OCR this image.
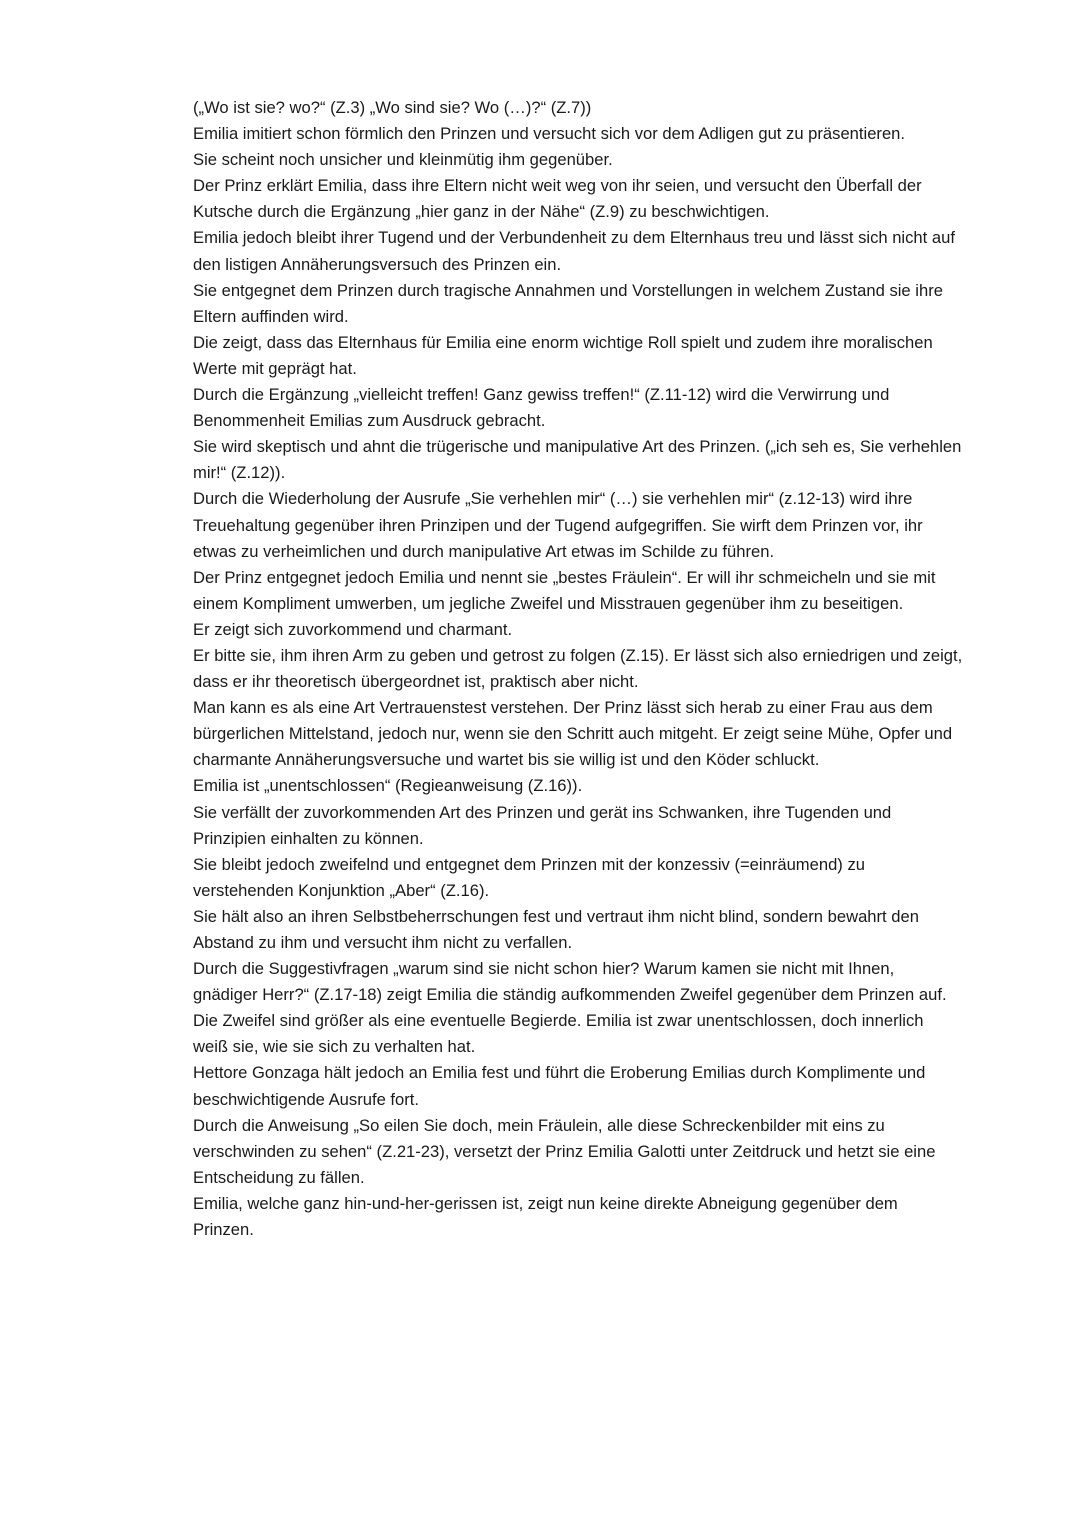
(„Wo ist sie? wo?“ (Z.3) „Wo sind sie? Wo (…)?“ (Z.7))

Emilia imitiert schon förmlich den Prinzen und versucht sich vor dem Adligen gut zu präsentieren.

Sie scheint noch unsicher und kleinmütig ihm gegenüber.

Der Prinz erklärt Emilia, dass ihre Eltern nicht weit weg von ihr seien, und versucht den Überfall der Kutsche durch die Ergänzung „hier ganz in der Nähe“ (Z.9) zu beschwichtigen.

Emilia jedoch bleibt ihrer Tugend und der Verbundenheit zu dem Elternhaus treu und lässt sich nicht auf den listigen Annäherungsversuch des Prinzen ein.

Sie entgegnet dem Prinzen durch tragische Annahmen und Vorstellungen in welchem Zustand sie ihre Eltern auffinden wird.

Die zeigt, dass das Elternhaus für Emilia eine enorm wichtige Roll spielt und zudem ihre moralischen Werte mit geprägt hat.

Durch die Ergänzung „vielleicht treffen! Ganz gewiss treffen!“ (Z.11-12) wird die Verwirrung und Benommenheit Emilias zum Ausdruck gebracht.

Sie wird skeptisch und ahnt die trügerische und manipulative Art des Prinzen. („ich seh es, Sie verhehlen mir!“ (Z.12)).

Durch die Wiederholung der Ausrufe „Sie verhehlen mir“ (…) sie verhehlen mir“ (z.12-13) wird ihre Treuehaltung gegenüber ihren Prinzipen und der Tugend aufgegriffen. Sie wirft dem Prinzen vor, ihr etwas zu verheimlichen und durch manipulative Art etwas im Schilde zu führen.

Der Prinz entgegnet jedoch Emilia und nennt sie „bestes Fräulein“. Er will ihr schmeicheln und sie mit einem Kompliment umwerben, um jegliche Zweifel und Misstrauen gegenüber ihm zu beseitigen.

Er zeigt sich zuvorkommend und charmant.

Er bitte sie, ihm ihren Arm zu geben und getrost zu folgen (Z.15). Er lässt sich also erniedrigen und zeigt, dass er ihr theoretisch übergeordnet ist, praktisch aber nicht.

Man kann es als eine Art Vertrauenstest verstehen. Der Prinz lässt sich herab zu einer Frau aus dem bürgerlichen Mittelstand, jedoch nur, wenn sie den Schritt auch mitgeht. Er zeigt seine Mühe, Opfer und charmante Annäherungsversuche und wartet bis sie willig ist und den Köder schluckt.

Emilia ist „unentschlossen“ (Regieanweisung (Z.16)).

Sie verfällt der zuvorkommenden Art des Prinzen und gerät ins Schwanken, ihre Tugenden und Prinzipien einhalten zu können.

Sie bleibt jedoch zweifelnd und entgegnet dem Prinzen mit der konzessiv (=einräumend) zu verstehenden Konjunktion „Aber“ (Z.16).

Sie hält also an ihren Selbstbeherrschungen fest und vertraut ihm nicht blind, sondern bewahrt den Abstand zu ihm und versucht ihm nicht zu verfallen.

Durch die Suggestivfragen „warum sind sie nicht schon hier? Warum kamen sie nicht mit Ihnen, gnädiger Herr?“ (Z.17-18) zeigt Emilia die ständig aufkommenden Zweifel gegenüber dem Prinzen auf.

Die Zweifel sind größer als eine eventuelle Begierde. Emilia ist zwar unentschlossen, doch innerlich weiß sie, wie sie sich zu verhalten hat.

Hettore Gonzaga hält jedoch an Emilia fest und führt die Eroberung Emilias durch Komplimente und beschwichtigende Ausrufe fort.

Durch die Anweisung „So eilen Sie doch, mein Fräulein, alle diese Schreckenbilder mit eins zu verschwinden zu sehen“ (Z.21-23), versetzt der Prinz Emilia Galotti unter Zeitdruck und hetzt sie eine Entscheidung zu fällen.

Emilia, welche ganz hin-und-her-gerissen ist, zeigt nun keine direkte Abneigung gegenüber dem Prinzen.
